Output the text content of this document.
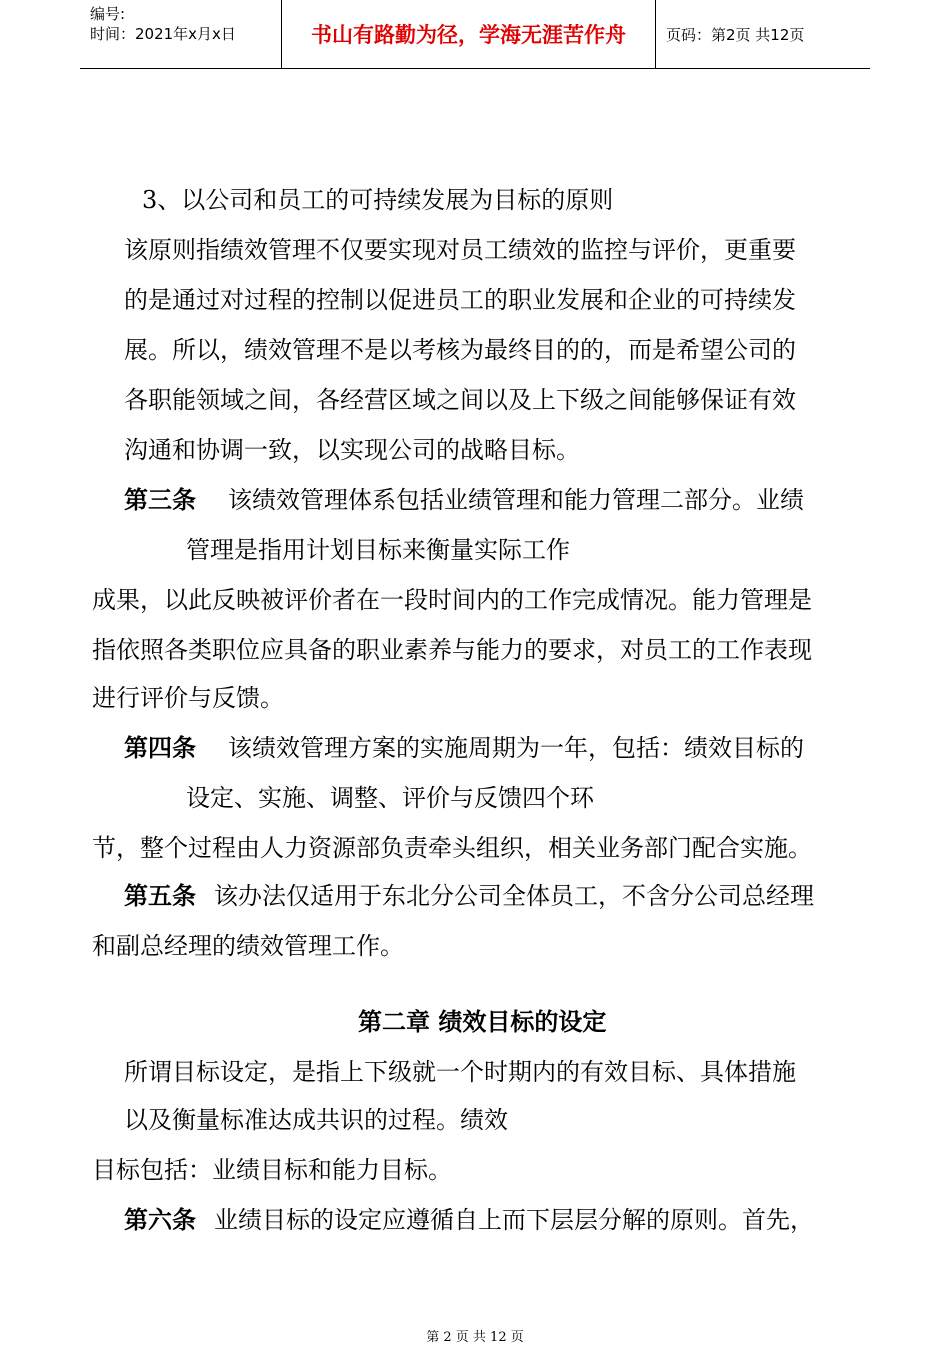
编号:
时间：2021年x月x日	书山有路勤为径，学海无涯苦作舟	页码：第2页 共12页
3、以公司和员工的可持续发展为目标的原则
该原则指绩效管理不仅要实现对员工绩效的监控与评价，更重要
的是通过对过程的控制以促进员工的职业发展和企业的可持续发
展。所以，绩效管理不是以考核为最终目的的，而是希望公司的
各职能领域之间，各经营区域之间以及上下级之间能够保证有效
沟通和协调一致，以实现公司的战略目标。
第三条 该绩效管理体系包括业绩管理和能力管理二部分。业绩
管理是指用计划目标来衡量实际工作
成果，以此反映被评价者在一段时间内的工作完成情况。能力管理是
指依照各类职位应具备的职业素养与能力的要求，对员工的工作表现
进行评价与反馈。
第四条 该绩效管理方案的实施周期为一年，包括：绩效目标的
设定、实施、调整、评价与反馈四个环
节，整个过程由人力资源部负责牵头组织，相关业务部门配合实施。
第五条 该办法仅适用于东北分公司全体员工，不含分公司总经理
和副总经理的绩效管理工作。
第二章 绩效目标的设定
所谓目标设定，是指上下级就一个时期内的有效目标、具体措施
以及衡量标准达成共识的过程。绩效
目标包括：业绩目标和能力目标。
第六条 业绩目标的设定应遵循自上而下层层分解的原则。首先，
第 2 页 共 12 页
